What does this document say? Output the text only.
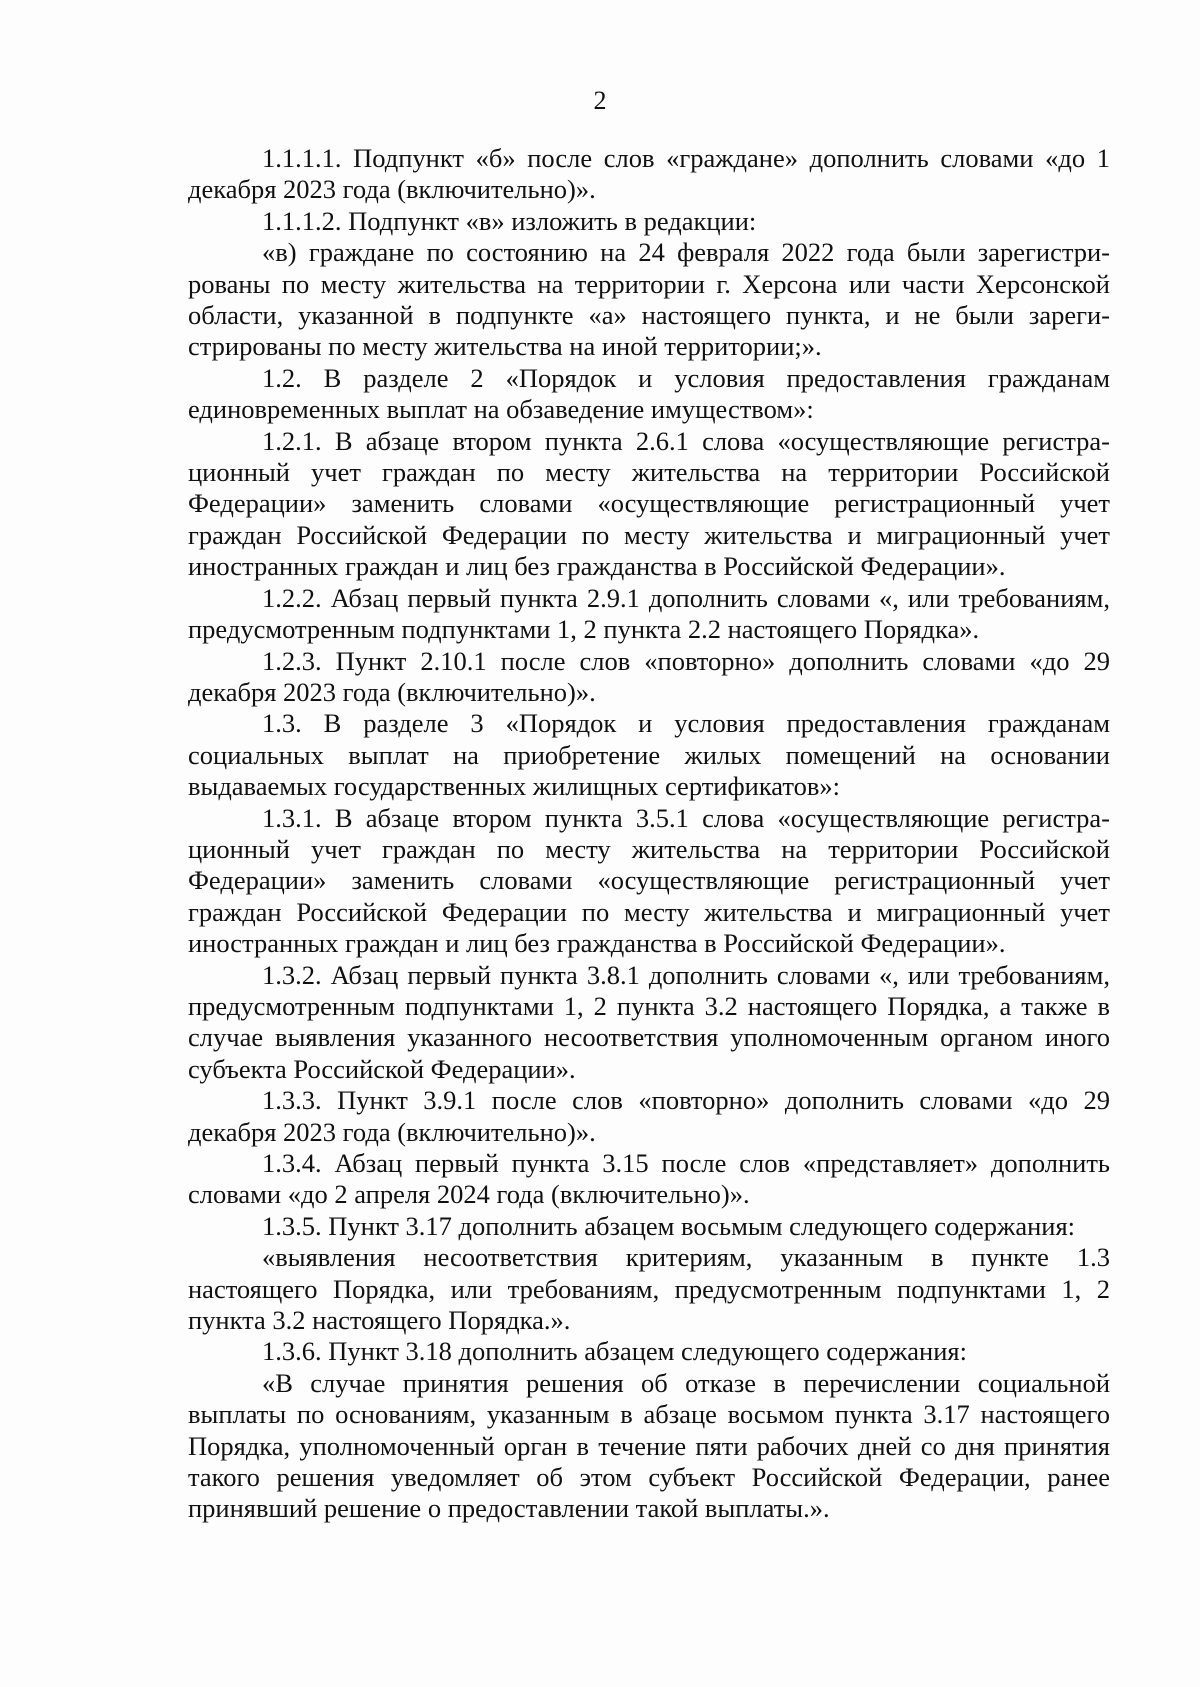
2

1.1.1.1. Подпункт «б» после слов «граждане» дополнить словами «до 1 декабря 2023 года (включительно)».

1.1.1.2. Подпункт «в» изложить в редакции:

«в) граждане по состоянию на 24 февраля 2022 года были зарегистрированы по месту жительства на территории г. Херсона или части Херсонской области, указанной в подпункте «а» настоящего пункта, и не были зарегистрированы по месту жительства на иной территории;».

1.2. В разделе 2 «Порядок и условия предоставления гражданам единовременных выплат на обзаведение имуществом»:

1.2.1. В абзаце втором пункта 2.6.1 слова «осуществляющие регистрационный учет граждан по месту жительства на территории Российской Федерации» заменить словами «осуществляющие регистрационный учет граждан Российской Федерации по месту жительства и миграционный учет иностранных граждан и лиц без гражданства в Российской Федерации».

1.2.2. Абзац первый пункта 2.9.1 дополнить словами «, или требованиям, предусмотренным подпунктами 1, 2 пункта 2.2 настоящего Порядка».

1.2.3. Пункт 2.10.1 после слов «повторно» дополнить словами «до 29 декабря 2023 года (включительно)».

1.3. В разделе 3 «Порядок и условия предоставления гражданам социальных выплат на приобретение жилых помещений на основании выдаваемых государственных жилищных сертификатов»:

1.3.1. В абзаце втором пункта 3.5.1 слова «осуществляющие регистрационный учет граждан по месту жительства на территории Российской Федерации» заменить словами «осуществляющие регистрационный учет граждан Российской Федерации по месту жительства и миграционный учет иностранных граждан и лиц без гражданства в Российской Федерации».

1.3.2. Абзац первый пункта 3.8.1 дополнить словами «, или требованиям, предусмотренным подпунктами 1, 2 пункта 3.2 настоящего Порядка, а также в случае выявления указанного несоответствия уполномоченным органом иного субъекта Российской Федерации».

1.3.3. Пункт 3.9.1 после слов «повторно» дополнить словами «до 29 декабря 2023 года (включительно)».

1.3.4. Абзац первый пункта 3.15 после слов «представляет» дополнить словами «до 2 апреля 2024 года (включительно)».

1.3.5. Пункт 3.17 дополнить абзацем восьмым следующего содержания:

«выявления несоответствия критериям, указанным в пункте 1.3 настоящего Порядка, или требованиям, предусмотренным подпунктами 1, 2 пункта 3.2 настоящего Порядка.».

1.3.6. Пункт 3.18 дополнить абзацем следующего содержания:

«В случае принятия решения об отказе в перечислении социальной выплаты по основаниям, указанным в абзаце восьмом пункта 3.17 настоящего Порядка, уполномоченный орган в течение пяти рабочих дней со дня принятия такого решения уведомляет об этом субъект Российской Федерации, ранее принявший решение о предоставлении такой выплаты.».
